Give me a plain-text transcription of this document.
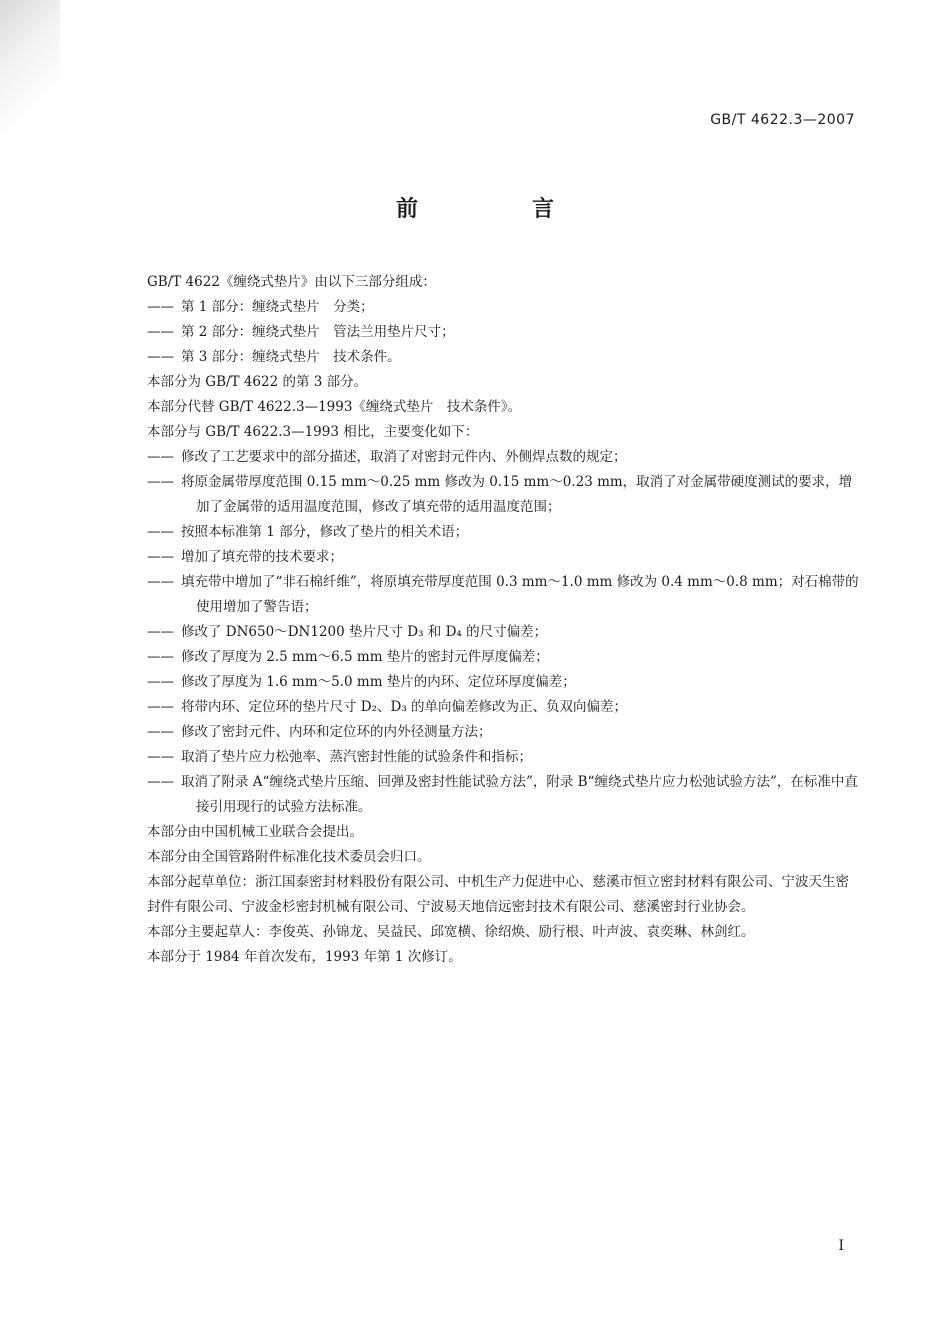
GB/T 4622.3—2007
前　言
GB/T 4622《缠绕式垫片》由以下三部分组成：
—— 第 1 部分：缠绕式垫片　分类；
—— 第 2 部分：缠绕式垫片　管法兰用垫片尺寸；
—— 第 3 部分：缠绕式垫片　技术条件。
本部分为 GB/T 4622 的第 3 部分。
本部分代替 GB/T 4622.3—1993《缠绕式垫片　技术条件》。
本部分与 GB/T 4622.3—1993 相比，主要变化如下：
—— 修改了工艺要求中的部分描述，取消了对密封元件内、外侧焊点数的规定；
—— 将原金属带厚度范围 0.15 mm～0.25 mm 修改为 0.15 mm～0.23 mm，取消了对金属带硬度测试的要求，增加了金属带的适用温度范围，修改了填充带的适用温度范围；
—— 按照本标准第 1 部分，修改了垫片的相关术语；
—— 增加了填充带的技术要求；
—— 填充带中增加了“非石棉纤维”，将原填充带厚度范围 0.3 mm～1.0 mm 修改为 0.4 mm～0.8 mm；对石棉带的使用增加了警告语；
—— 修改了 DN650～DN1200 垫片尺寸 D₃ 和 D₄ 的尺寸偏差；
—— 修改了厚度为 2.5 mm～6.5 mm 垫片的密封元件厚度偏差；
—— 修改了厚度为 1.6 mm～5.0 mm 垫片的内环、定位环厚度偏差；
—— 将带内环、定位环的垫片尺寸 D₂、D₃ 的单向偏差修改为正、负双向偏差；
—— 修改了密封元件、内环和定位环的内外径测量方法；
—— 取消了垫片应力松弛率、蒸汽密封性能的试验条件和指标；
—— 取消了附录 A“缠绕式垫片压缩、回弹及密封性能试验方法”，附录 B“缠绕式垫片应力松弛试验方法”，在标准中直接引用现行的试验方法标准。
本部分由中国机械工业联合会提出。
本部分由全国管路附件标准化技术委员会归口。
本部分起草单位：浙江国泰密封材料股份有限公司、中机生产力促进中心、慈溪市恒立密封材料有限公司、宁波天生密封件有限公司、宁波金杉密封机械有限公司、宁波易天地信远密封技术有限公司、慈溪密封行业协会。
本部分主要起草人：李俊英、孙锦龙、吴益民、邱宽横、徐绍焕、励行根、叶声波、袁奕琳、林剑红。
本部分于 1984 年首次发布，1993 年第 1 次修订。
I
